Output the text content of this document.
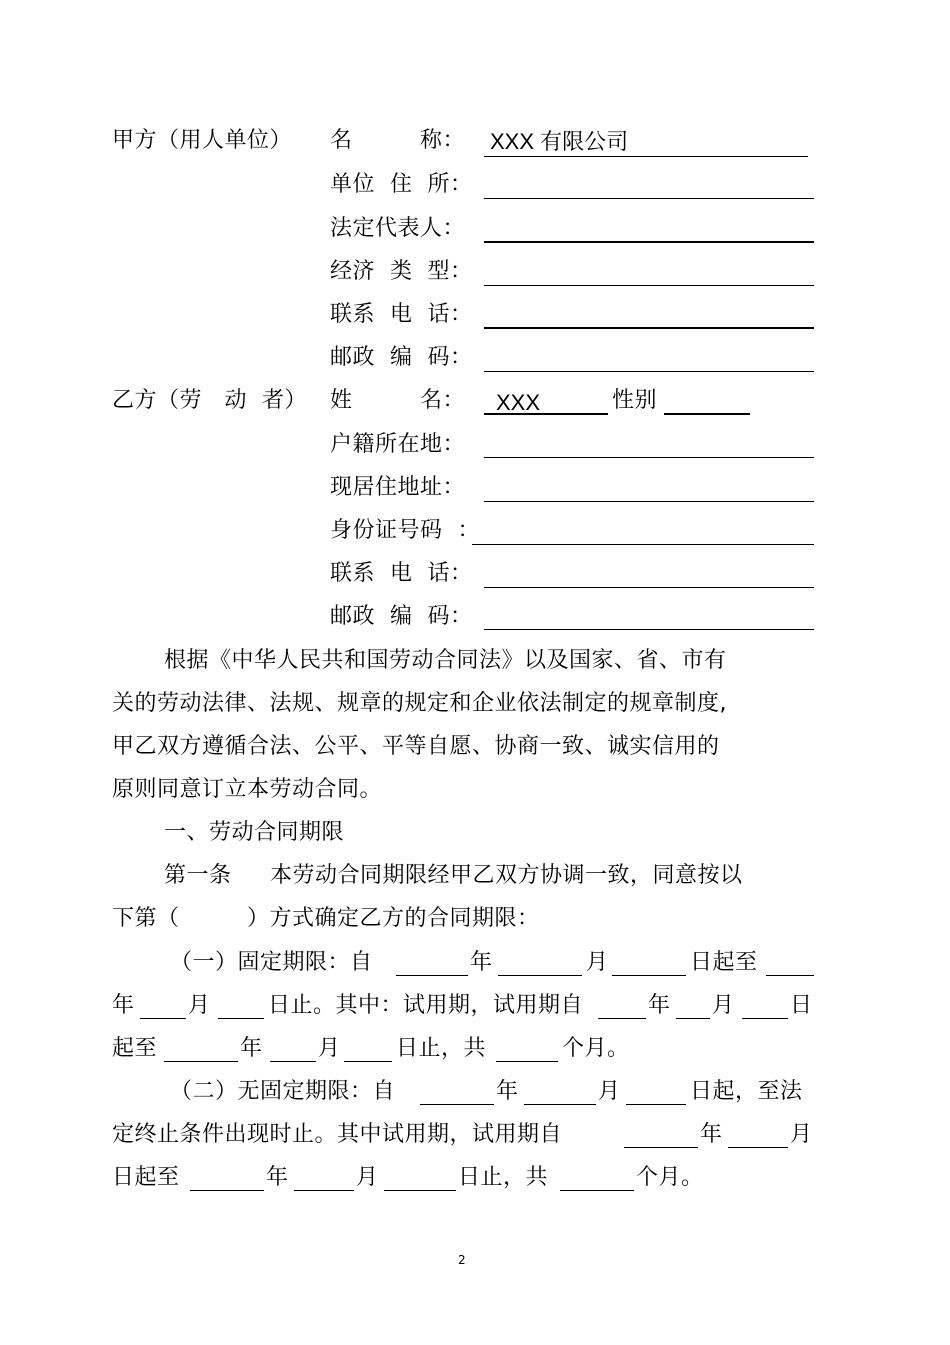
甲方（用人单位） 名　　　称： XXX 有限公司
单位  住  所：
法定代表人：
经济  类  型：
联系  电  话：
邮政  编  码：
乙方（劳   动  者） 姓　　　名： XXX	性别
户籍所在地：
现居住地址：
身份证号码  ：
联系  电  话：
邮政  编  码：
根据《中华人民共和国劳动合同法》以及国家、省、市有
关的劳动法律、法规、规章的规定和企业依法制定的规章制度,
甲乙双方遵循合法、公平、平等自愿、协商一致、诚实信用的
原则同意订立本劳动合同。
一、劳动合同期限
第一条 本劳动合同期限经甲乙双方协调一致，同意按以
下第（　　　）方式确定乙方的合同期限：
（一）固定期限：自	年	月	日起至
年 月	日止。其中：试用期，试用期自	年 月	日
起至	年	月	日止，共	个月。
（二）无固定期限：自	年	月	日起，至法
定终止条件出现时止。其中试用期，试用期自	年	月
日起至	年	月	日止，共	个月。
2
